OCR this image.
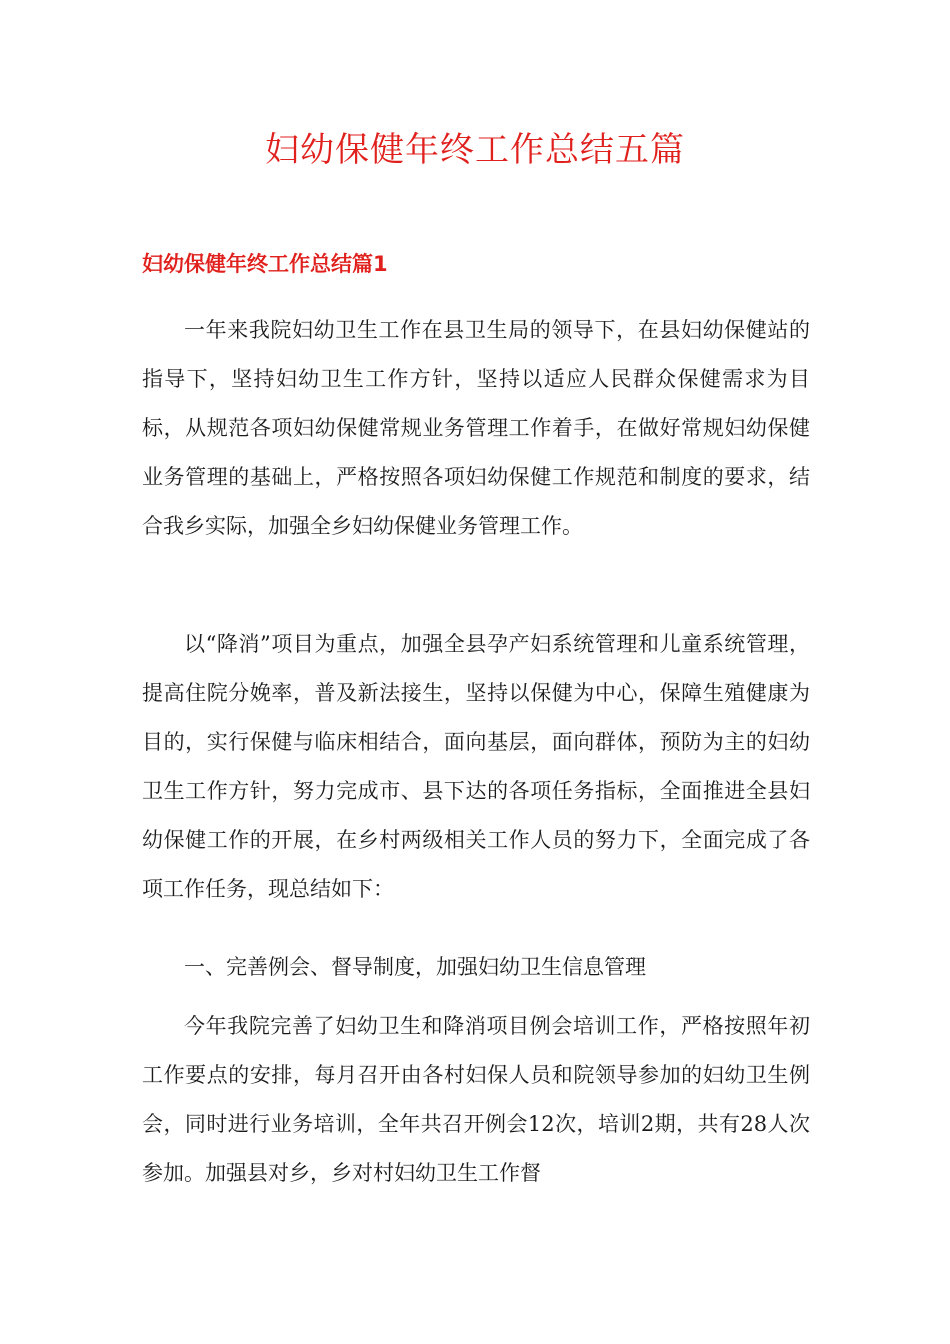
妇幼保健年终工作总结五篇
妇幼保健年终工作总结篇1

一年来我院妇幼卫生工作在县卫生局的领导下，在县妇幼保健站的指导下，坚持妇幼卫生工作方针，坚持以适应人民群众保健需求为目标，从规范各项妇幼保健常规业务管理工作着手，在做好常规妇幼保健业务管理的基础上，严格按照各项妇幼保健工作规范和制度的要求，结合我乡实际，加强全乡妇幼保健业务管理工作。

以“降消”项目为重点，加强全县孕产妇系统管理和儿童系统管理，提高住院分娩率，普及新法接生，坚持以保健为中心，保障生殖健康为目的，实行保健与临床相结合，面向基层，面向群体，预防为主的妇幼卫生工作方针，努力完成市、县下达的各项任务指标，全面推进全县妇幼保健工作的开展，在乡村两级相关工作人员的努力下，全面完成了各项工作任务，现总结如下：

一、完善例会、督导制度，加强妇幼卫生信息管理

今年我院完善了妇幼卫生和降消项目例会培训工作，严格按照年初工作要点的安排，每月召开由各村妇保人员和院领导参加的妇幼卫生例会，同时进行业务培训，全年共召开例会12次，培训2期，共有28人次参加。加强县对乡，乡对村妇幼卫生工作督
